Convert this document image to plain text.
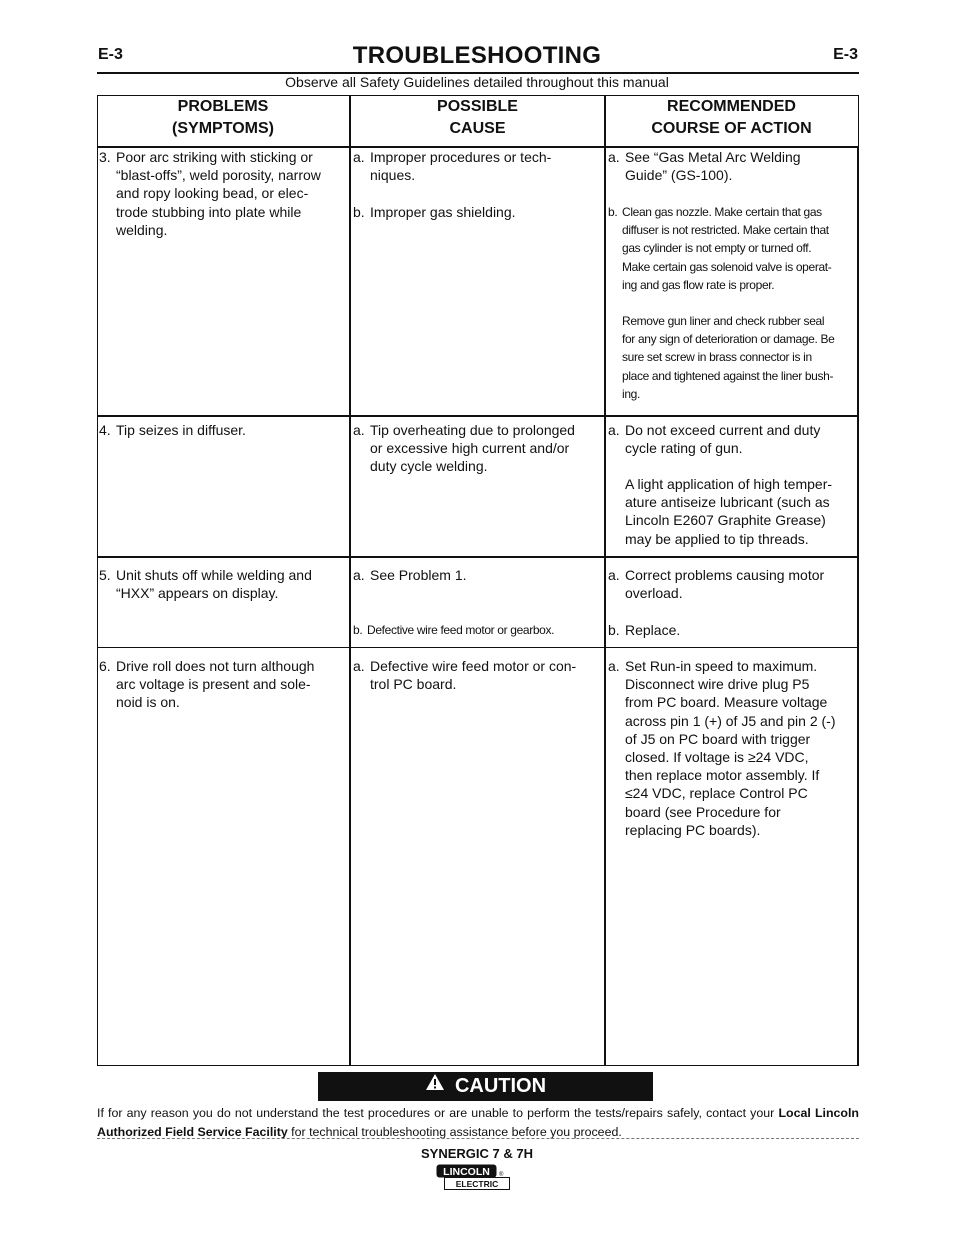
E-3	E-3
TROUBLESHOOTING
Observe all Safety Guidelines detailed throughout this manual
PROBLEMS
(SYMPTOMS)
POSSIBLE
CAUSE
RECOMMENDED
COURSE OF ACTION
3. Poor arc striking with sticking or
“blast-offs”, weld porosity, narrow
and ropy looking bead, or elec-
trode stubbing into plate while
welding.
a. Improper procedures or tech-
niques.
b. Improper gas shielding.
a. See “Gas Metal Arc Welding
Guide” (GS-100).
b. Clean gas nozzle. Make certain that gas
diffuser is not restricted. Make certain that
gas cylinder is not empty or turned off.
Make certain gas solenoid valve is operat-
ing and gas flow rate is proper.
Remove gun liner and check rubber seal
for any sign of deterioration or damage. Be
sure set screw in brass connector is in
place and tightened against the liner bush-
ing.
4. Tip seizes in diffuser.	a. Tip overheating due to prolonged
or excessive high current and/or
duty cycle welding.
a. Do not exceed current and duty
cycle rating of gun.
A light application of high temper-
ature antiseize lubricant (such as
Lincoln E2607 Graphite Grease)
may be applied to tip threads.
5. Unit shuts off while welding and
“HXX” appears on display.
a. See Problem 1.
b. Defective wire feed motor or gearbox.
a. Correct problems causing motor
overload.
b. Replace.
6. Drive roll does not turn although
arc voltage is present and sole-
noid is on.
a. Defective wire feed motor or con-
trol PC board.
a. Set Run-in speed to maximum.
Disconnect wire drive plug P5
from PC board. Measure voltage
across pin 1 (+) of J5 and pin 2 (-)
of J5 on PC board with trigger
closed. If voltage is ≥24 VDC,
then replace motor assembly. If
≤24 VDC, replace Control PC
board (see Procedure for
replacing PC boards).
CAUTION
If for any reason you do not understand the test procedures or are unable to perform the tests/repairs safely, contact your Local Lincoln Authorized Field Service Facility for technical troubleshooting assistance before you proceed.
SYNERGIC 7 & 7H
LINCOLN ®
ELECTRIC
